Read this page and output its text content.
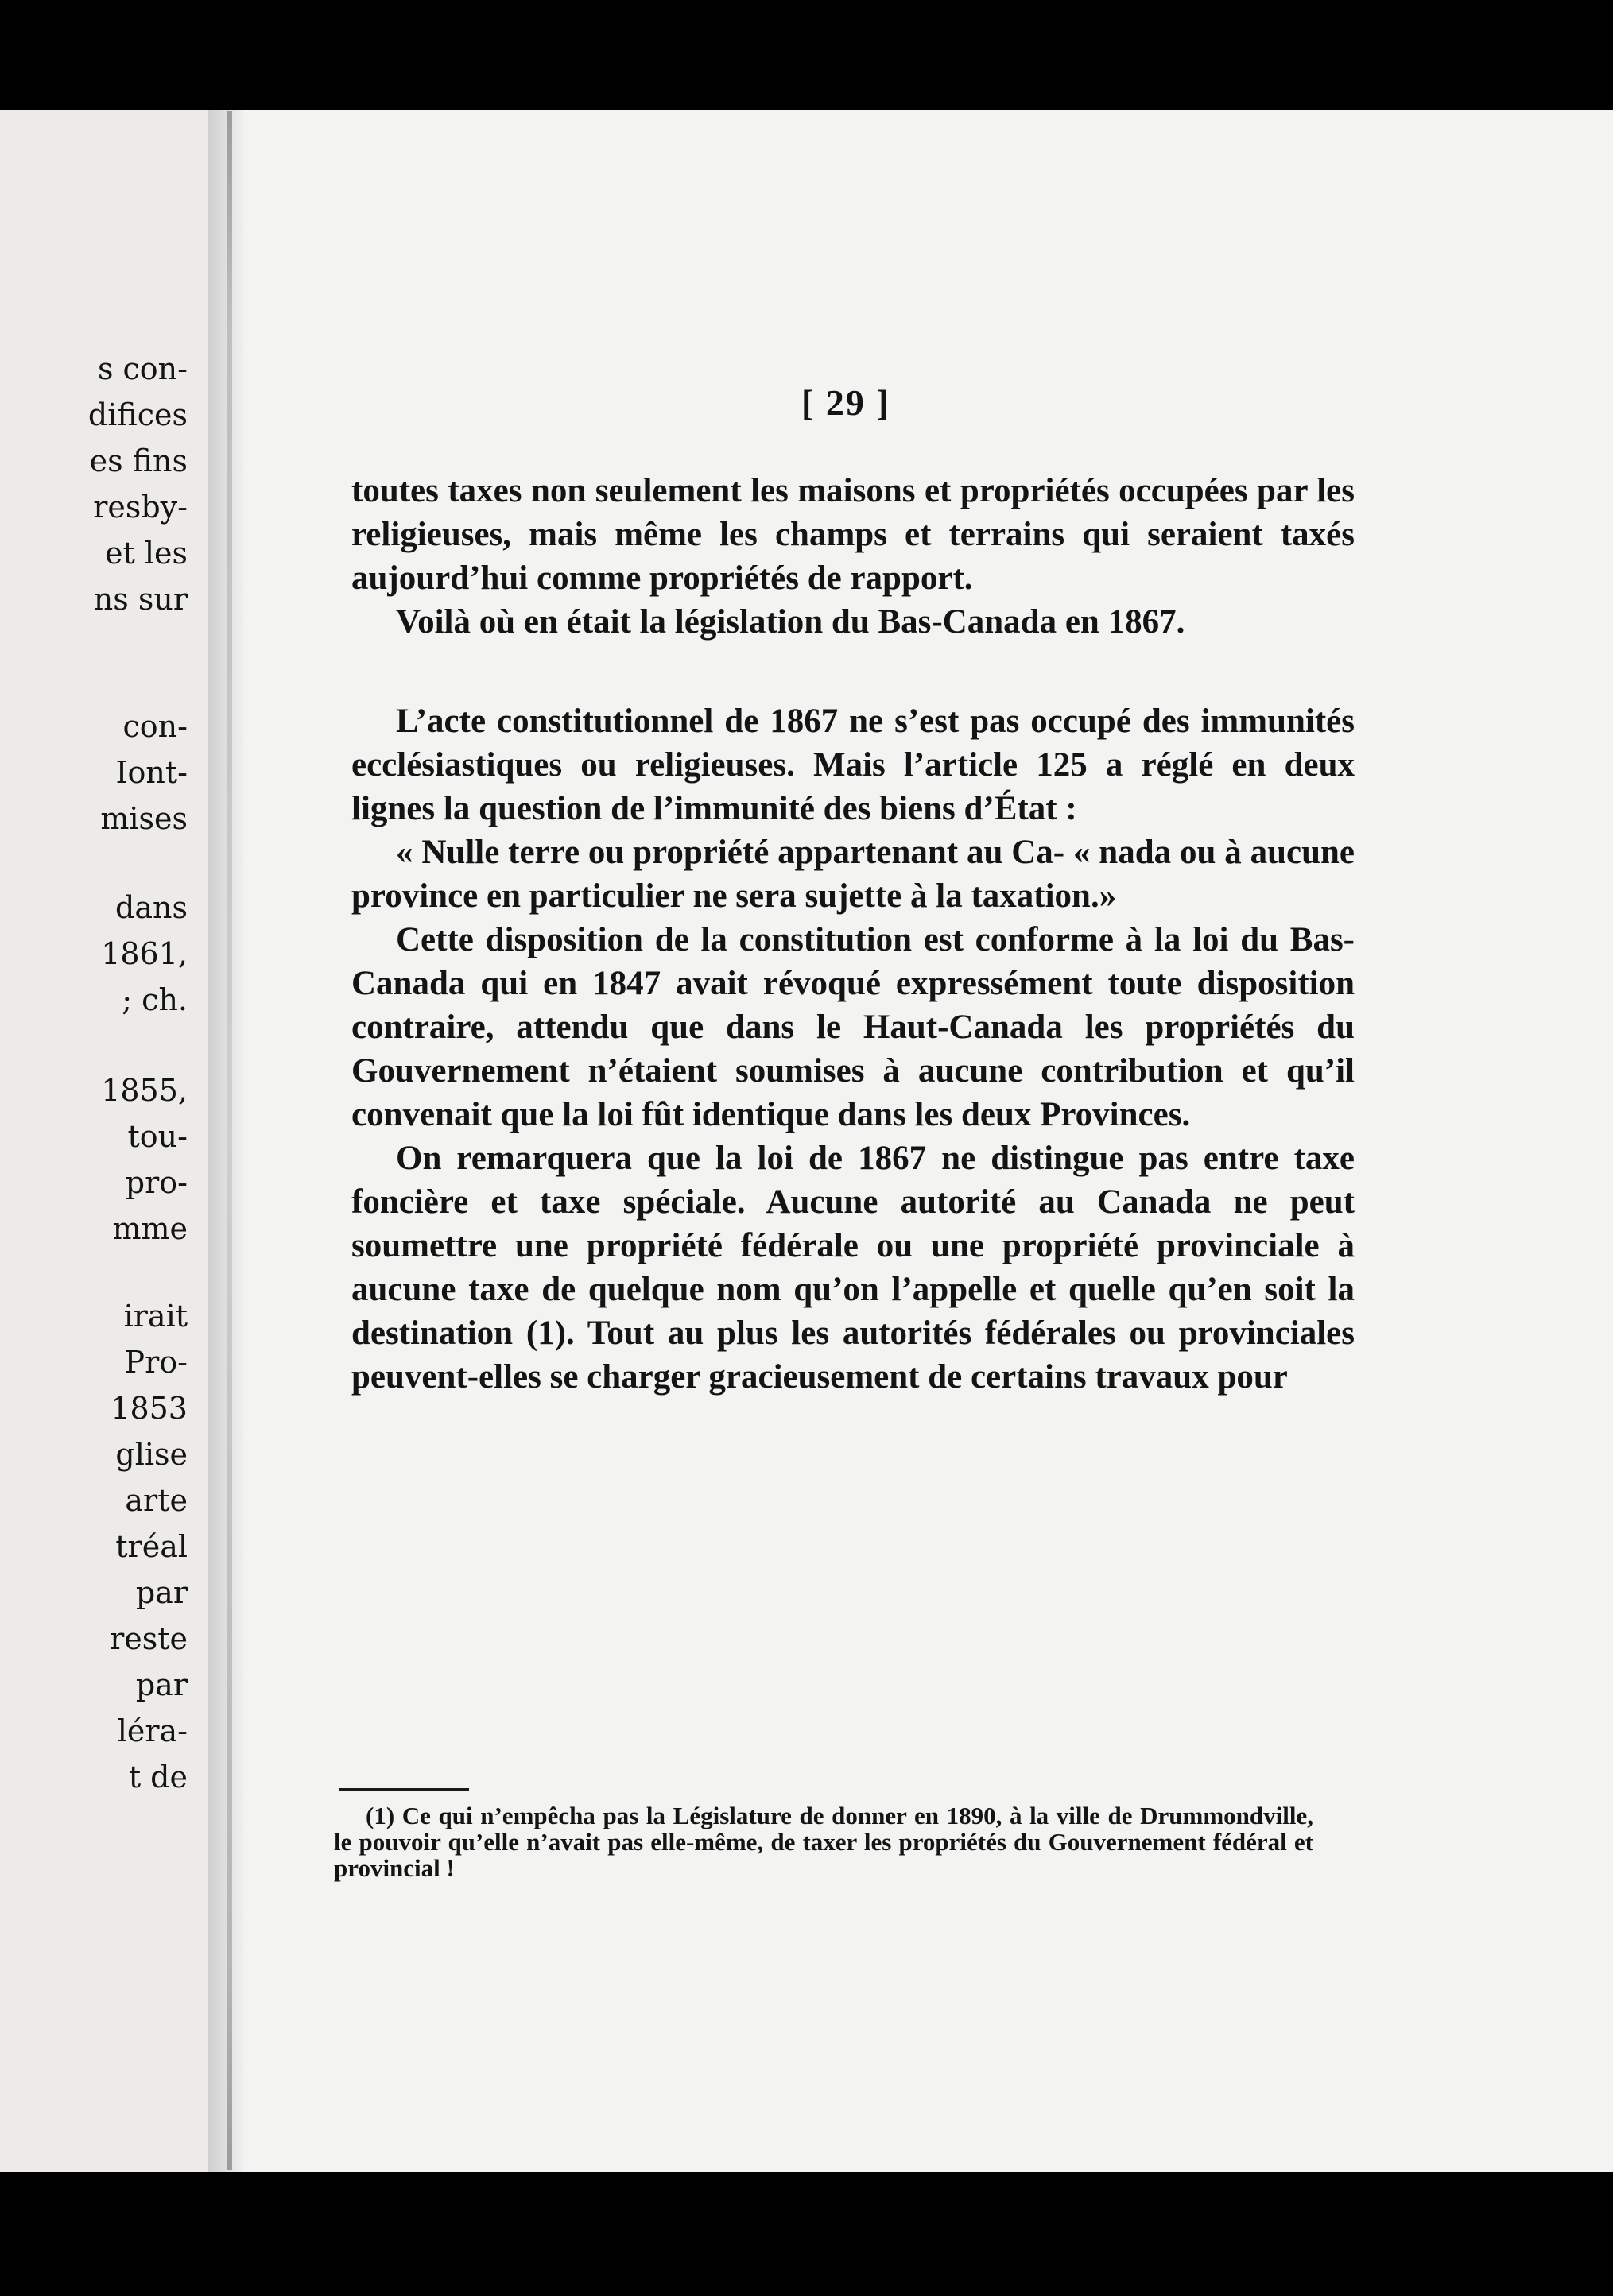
s con-
difices
es fins
resby-
et les
ns sur
con-
Iont-
mises
dans
1861,
; ch.
1855,
tou-
pro-
mme
irait
Pro-
1853
glise
arte
tréal
par
reste
par
léra-
t de
[ 29 ]

toutes taxes non seulement les maisons et propriétés occupées par les religieuses, mais même les champs et terrains qui seraient taxés aujourd’hui comme propriétés de rapport.

Voilà où en était la législation du Bas-Canada en 1867.

L’acte constitutionnel de 1867 ne s’est pas occupé des immunités ecclésiastiques ou religieuses. Mais l’article 125 a réglé en deux lignes la question de l’immunité des biens d’État :

« Nulle terre ou propriété appartenant au Ca- « nada ou à aucune province en particulier ne sera sujette à la taxation.»

Cette disposition de la constitution est conforme à la loi du Bas-Canada qui en 1847 avait révoqué expressément toute disposition contraire, attendu que dans le Haut-Canada les propriétés du Gouvernement n’étaient soumises à aucune contribution et qu’il convenait que la loi fût identique dans les deux Provinces.

On remarquera que la loi de 1867 ne distingue pas entre taxe foncière et taxe spéciale. Aucune autorité au Canada ne peut soumettre une propriété fédérale ou une propriété provinciale à aucune taxe de quelque nom qu’on l’appelle et quelle qu’en soit la destination (1). Tout au plus les autorités fédérales ou provinciales peuvent-elles se charger gracieusement de certains travaux pour

(1) Ce qui n’empêcha pas la Législature de donner en 1890, à la ville de Drummondville, le pouvoir qu’elle n’avait pas elle-même, de taxer les propriétés du Gouvernement fédéral et provincial !
